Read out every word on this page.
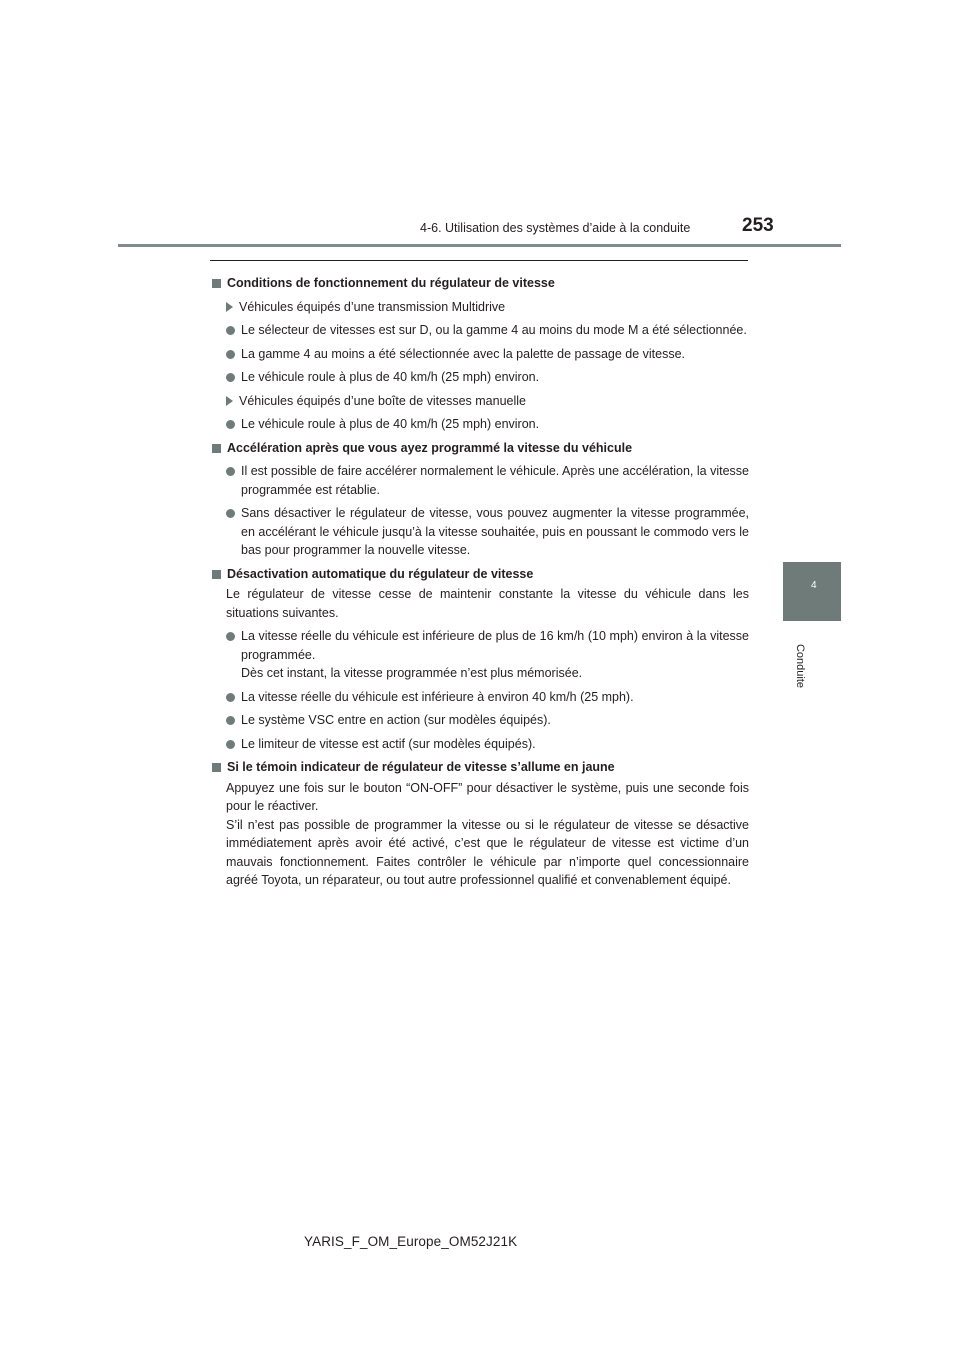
4-6. Utilisation des systèmes d’aide à la conduite	253
4
Conduite
Conditions de fonctionnement du régulateur de vitesse
Véhicules équipés d’une transmission Multidrive
Le sélecteur de vitesses est sur D, ou la gamme 4 au moins du mode M a été sélectionnée.
La gamme 4 au moins a été sélectionnée avec la palette de passage de vitesse.
Le véhicule roule à plus de 40 km/h (25 mph) environ.
Véhicules équipés d’une boîte de vitesses manuelle
Le véhicule roule à plus de 40 km/h (25 mph) environ.
Accélération après que vous ayez programmé la vitesse du véhicule
Il est possible de faire accélérer normalement le véhicule. Après une accélération, la vitesse programmée est rétablie.
Sans désactiver le régulateur de vitesse, vous pouvez augmenter la vitesse programmée, en accélérant le véhicule jusqu’à la vitesse souhaitée, puis en poussant le commodo vers le bas pour programmer la nouvelle vitesse.
Désactivation automatique du régulateur de vitesse
Le régulateur de vitesse cesse de maintenir constante la vitesse du véhicule dans les situations suivantes.
La vitesse réelle du véhicule est inférieure de plus de 16 km/h (10 mph) environ à la vitesse programmée.
Dès cet instant, la vitesse programmée n’est plus mémorisée.
La vitesse réelle du véhicule est inférieure à environ 40 km/h (25 mph).
Le système VSC entre en action (sur modèles équipés).
Le limiteur de vitesse est actif (sur modèles équipés).
Si le témoin indicateur de régulateur de vitesse s’allume en jaune
Appuyez une fois sur le bouton “ON-OFF” pour désactiver le système, puis une seconde fois pour le réactiver.
S’il n’est pas possible de programmer la vitesse ou si le régulateur de vitesse se désactive immédiatement après avoir été activé, c’est que le régulateur de vitesse est victime d’un mauvais fonctionnement. Faites contrôler le véhicule par n’importe quel concessionnaire agréé Toyota, un réparateur, ou tout autre professionnel qualifié et convenablement équipé.
YARIS_F_OM_Europe_OM52J21K
